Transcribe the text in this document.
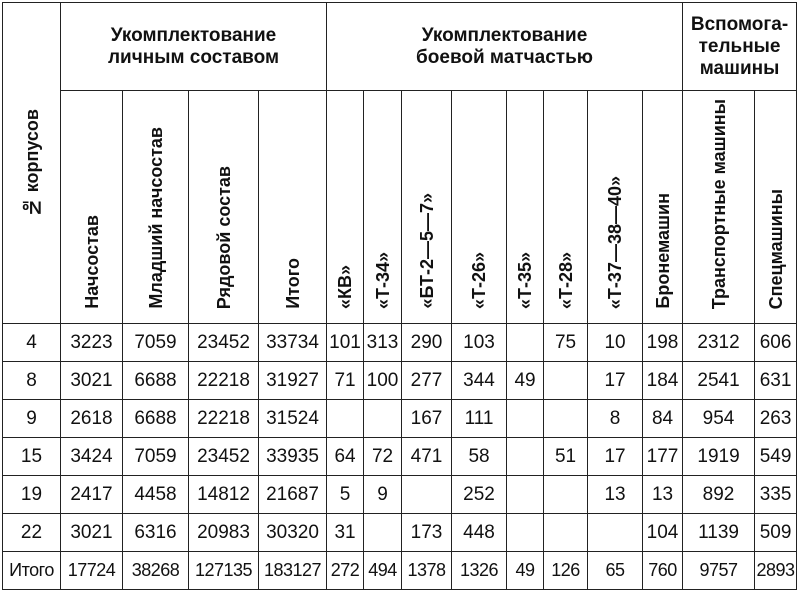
№ корпусов	Укомплектование личным составом				Укомплектование боевой матчастью								Вспомога-тельные машины	

	Начсостав	Младший начсостав	Рядовой состав	Итого	«КВ»	«Т-34»	«БТ-2—5—7»	«Т-26»	«Т-35»	«Т-28»	«Т-37—38—40»	Бронемашин	Транспортные машины	Спецмашины

4	3223	7059	23452	33734	101	313	290	103		75	10	198	2312	606
8	3021	6688	22218	31927	71	100	277	344	49		17	184	2541	631
9	2618	6688	22218	31524			167	111			8	84	954	263
15	3424	7059	23452	33935	64	72	471	58		51	17	177	1919	549
19	2417	4458	14812	21687	5	9		252			13	13	892	335
22	3021	6316	20983	30320	31		173	448				104	1139	509
Итого	17724	38268	127135	183127	272	494	1378	1326	49	126	65	760	9757	2893
